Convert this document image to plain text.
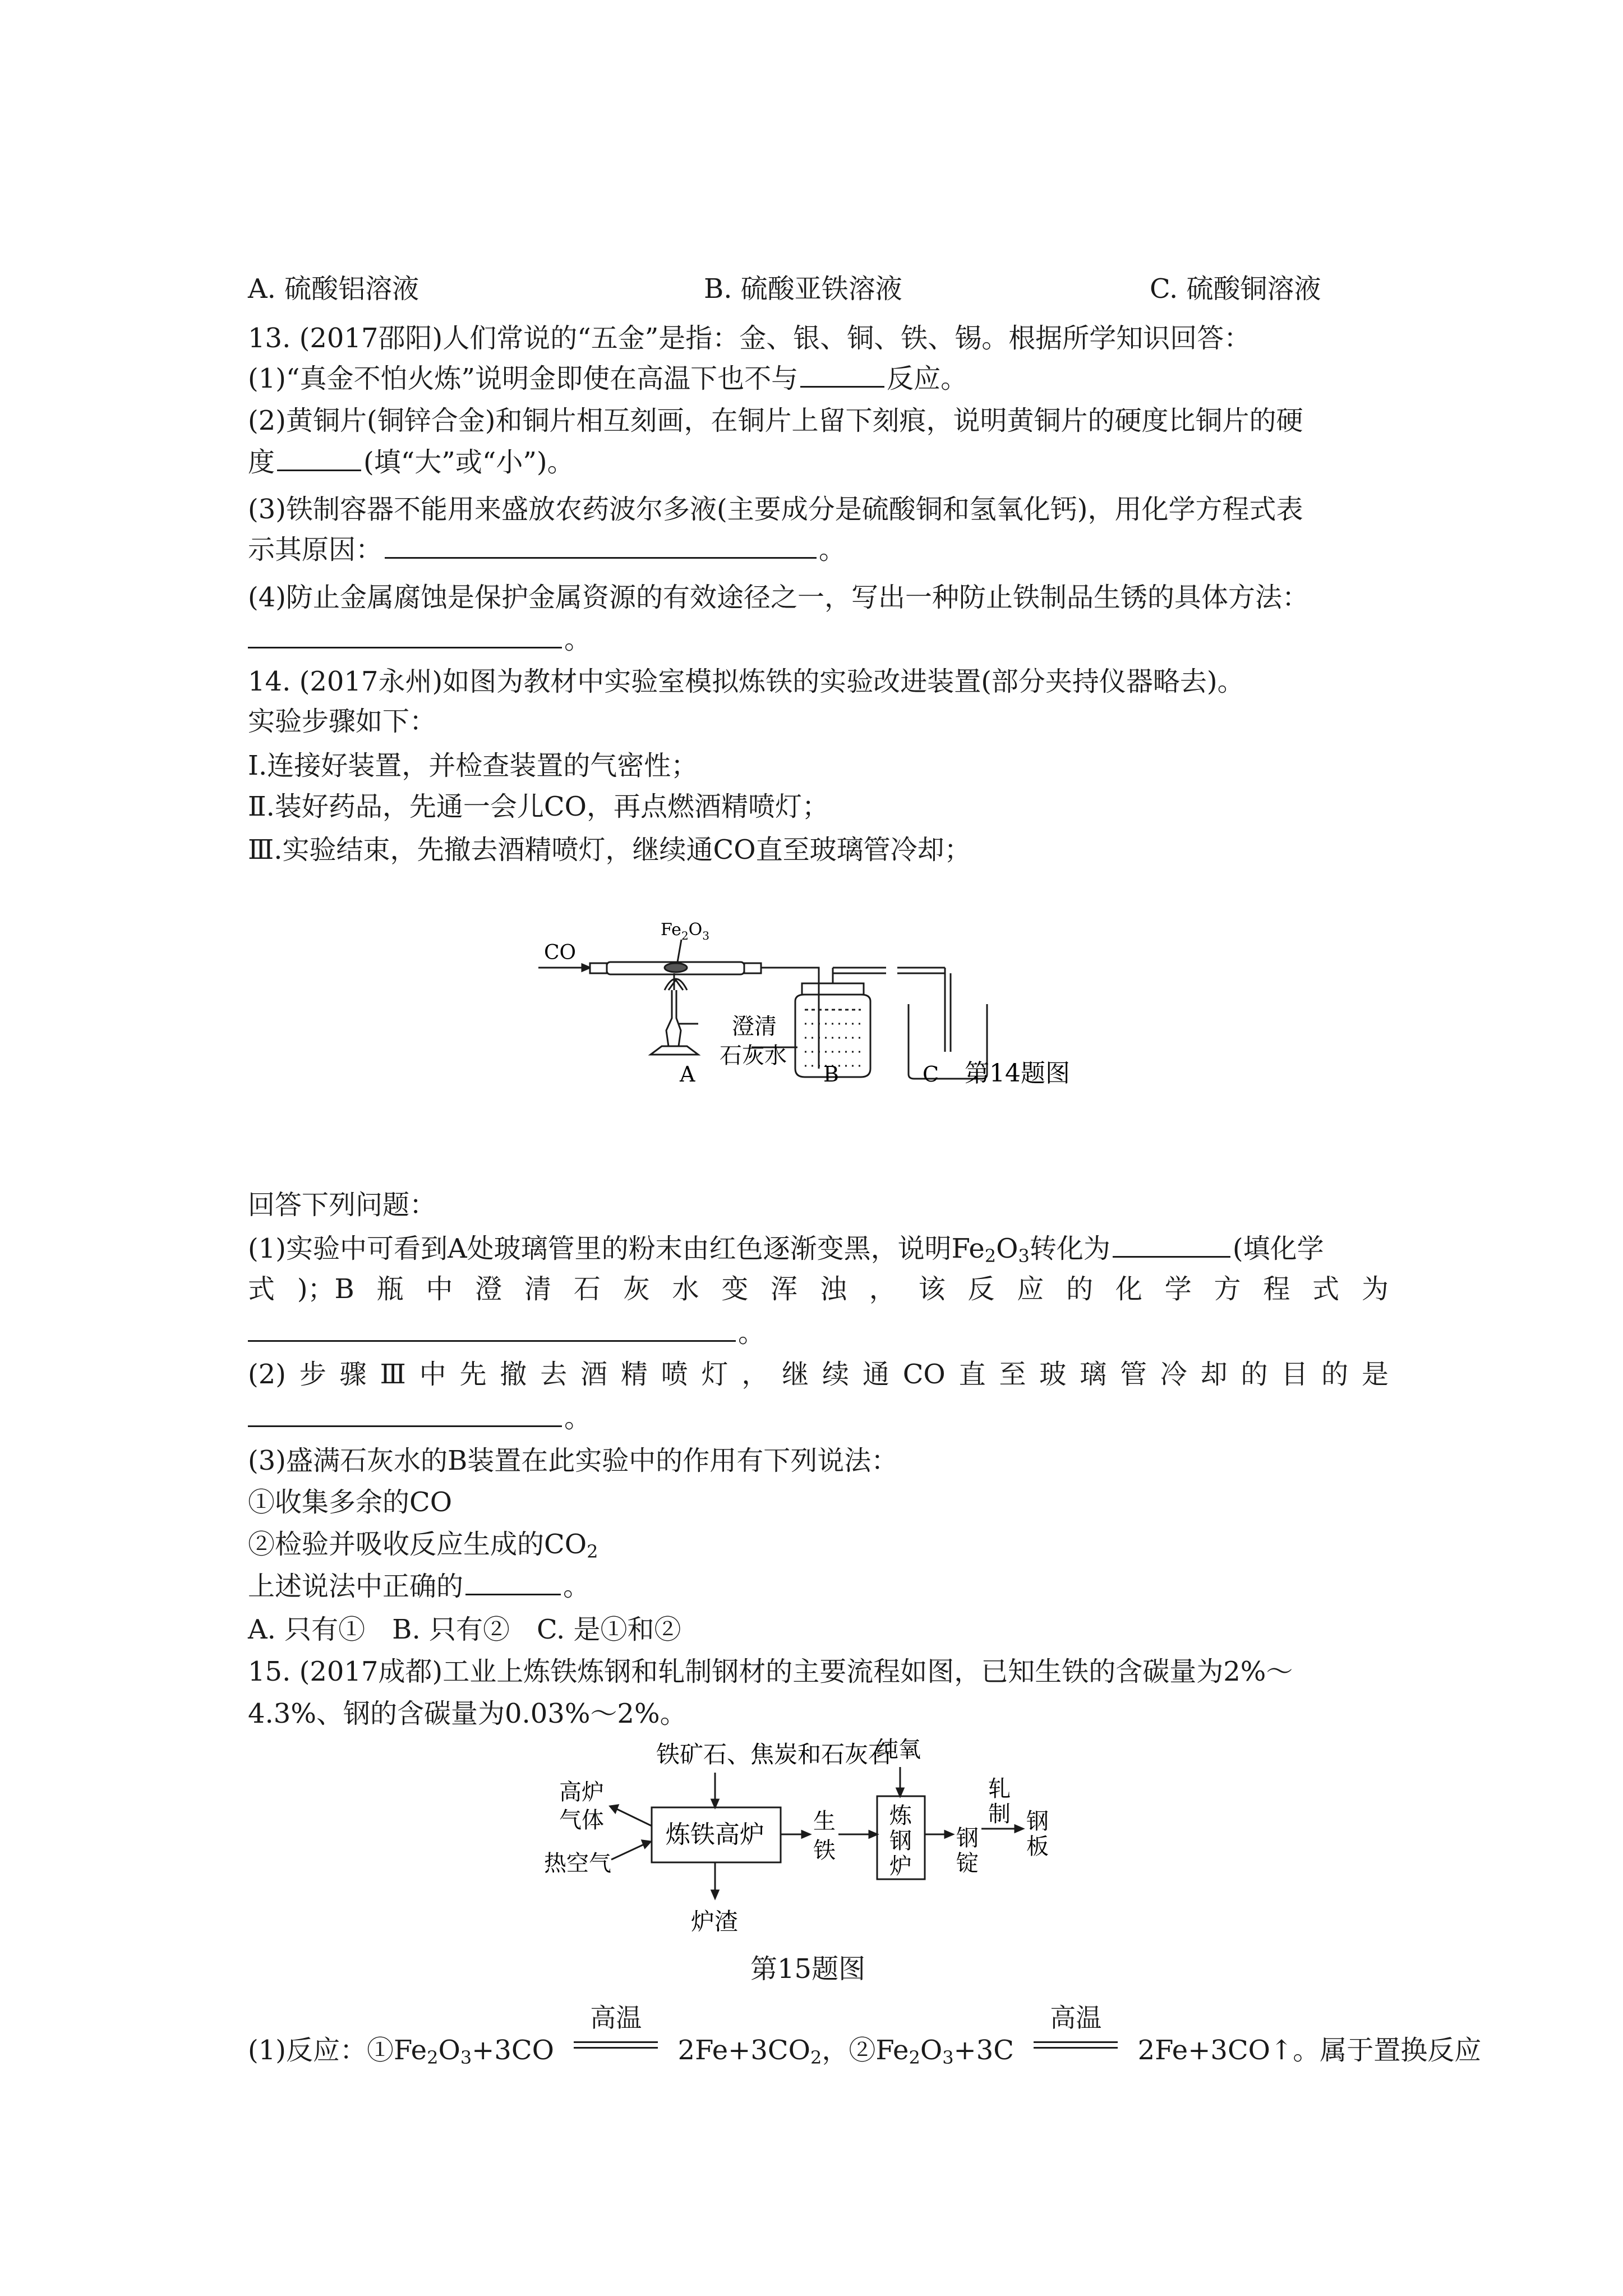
A. 硫酸铝溶液	B. 硫酸亚铁溶液	C. 硫酸铜溶液
13. (2017邵阳)人们常说的“五金”是指：金、银、铜、铁、锡。根据所学知识回答：
(1)“真金不怕火炼”说明金即使在高温下也不与	反应。
(2)黄铜片(铜锌合金)和铜片相互刻画，在铜片上留下刻痕，说明黄铜片的硬度比铜片的硬
度	(填“大”或“小”)。
(3)铁制容器不能用来盛放农药波尔多液(主要成分是硫酸铜和氢氧化钙)，用化学方程式表
示其原因：	。
(4)防止金属腐蚀是保护金属资源的有效途径之一，写出一种防止铁制品生锈的具体方法：
。
14. (2017永州)如图为教材中实验室模拟炼铁的实验改进装置(部分夹持仪器略去)。
实验步骤如下：
Ⅰ.连接好装置，并检查装置的气密性；
Ⅱ.装好药品，先通一会儿CO，再点燃酒精喷灯；
Ⅲ.实验结束，先撤去酒精喷灯，继续通CO直至玻璃管冷却；
CO
$Fe_2O_3$
澄清
石灰水
A	B	C 第14题图
回答下列问题：
(1)实验中可看到A处玻璃管里的粉末由红色逐渐变黑，说明$Fe_2O_3$转化为	(填化学
式)；B瓶中澄清石灰水变浑浊，该反应的化学方程式为
。
(2)步骤Ⅲ中先撤去酒精喷灯，继续通CO直至玻璃管冷却的目的是
。
(3)盛满石灰水的B装置在此实验中的作用有下列说法：
①收集多余的CO
②检验并吸收反应生成的$CO_2$
上述说法中正确的	。
A. 只有①　B. 只有②　C. 是①和②
15. (2017成都)工业上炼铁炼钢和轧制钢材的主要流程如图，已知生铁的含碳量为2%～
4.3%、钢的含碳量为0.03%～2%。
铁矿石、焦炭和石灰石
高炉
气体
热空气
炼铁高炉
炉渣
生
铁
纯氧
炼
钢
炉
钢
锭
轧
制 钢
板
第15题图
(1)反应：$①Fe_2O_3+3CO$
高温
$2Fe+3CO_2$，$②Fe_2O_3+3C$
高温
2Fe+3CO↑。属于置换反应
